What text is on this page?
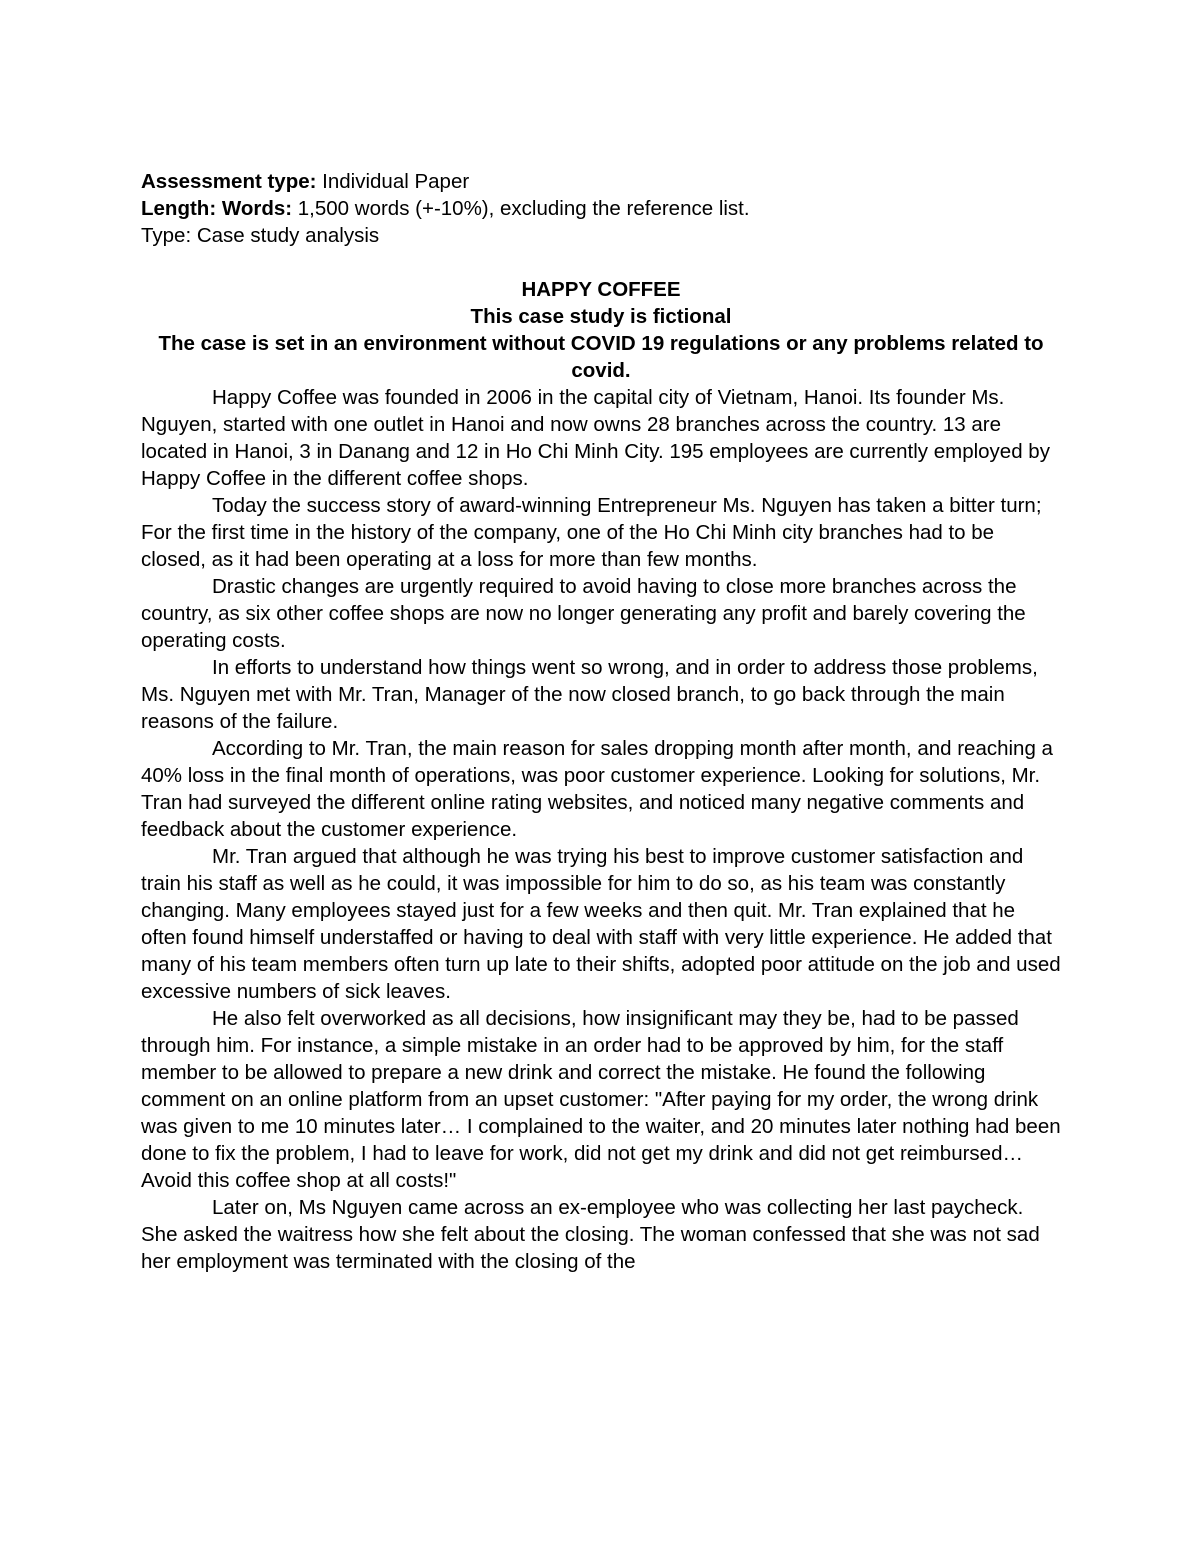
Assessment type: Individual Paper

Length: Words: 1,500 words (+-10%), excluding the reference list.

Type: Case study analysis

HAPPY COFFEE
This case study is fictional
The case is set in an environment without COVID 19 regulations or any problems related to covid.

Happy Coffee was founded in 2006 in the capital city of Vietnam, Hanoi. Its founder Ms. Nguyen, started with one outlet in Hanoi and now owns 28 branches across the country. 13 are located in Hanoi, 3 in Danang and 12 in Ho Chi Minh City. 195 employees are currently employed by Happy Coffee in the different coffee shops.

Today the success story of award-winning Entrepreneur Ms. Nguyen has taken a bitter turn; For the first time in the history of the company, one of the Ho Chi Minh city branches had to be closed, as it had been operating at a loss for more than few months.

Drastic changes are urgently required to avoid having to close more branches across the country, as six other coffee shops are now no longer generating any profit and barely covering the operating costs.

In efforts to understand how things went so wrong, and in order to address those problems, Ms. Nguyen met with Mr. Tran, Manager of the now closed branch, to go back through the main reasons of the failure.

According to Mr. Tran, the main reason for sales dropping month after month, and reaching a 40% loss in the final month of operations, was poor customer experience. Looking for solutions, Mr. Tran had surveyed the different online rating websites, and noticed many negative comments and feedback about the customer experience.

Mr. Tran argued that although he was trying his best to improve customer satisfaction and train his staff as well as he could, it was impossible for him to do so, as his team was constantly changing. Many employees stayed just for a few weeks and then quit. Mr. Tran explained that he often found himself understaffed or having to deal with staff with very little experience. He added that many of his team members often turn up late to their shifts, adopted poor attitude on the job and used excessive numbers of sick leaves.

He also felt overworked as all decisions, how insignificant may they be, had to be passed through him. For instance, a simple mistake in an order had to be approved by him, for the staff member to be allowed to prepare a new drink and correct the mistake. He found the following comment on an online platform from an upset customer: "After paying for my order, the wrong drink was given to me 10 minutes later… I complained to the waiter, and 20 minutes later nothing had been done to fix the problem, I had to leave for work, did not get my drink and did not get reimbursed… Avoid this coffee shop at all costs!"

Later on, Ms Nguyen came across an ex-employee who was collecting her last paycheck. She asked the waitress how she felt about the closing. The woman confessed that she was not sad her employment was terminated with the closing of the
